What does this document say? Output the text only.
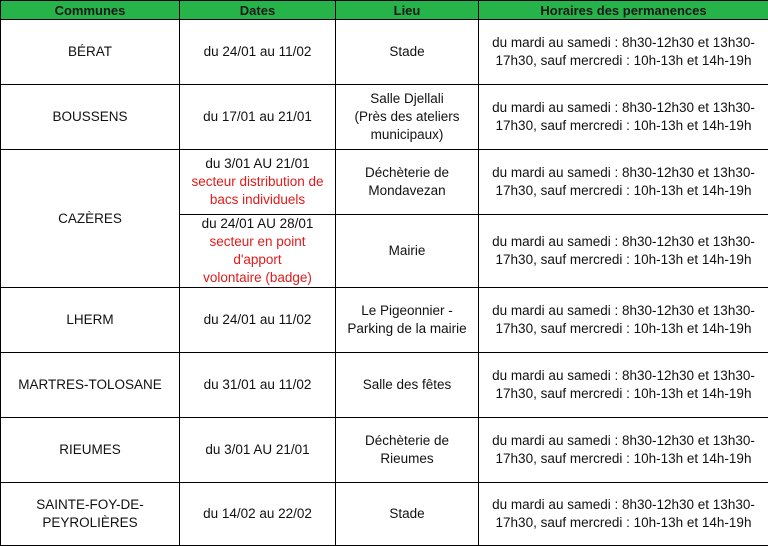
Communes	Dates	Lieu	Horaires des permanences
BÉRAT	du 24/01 au 11/02	Stade	du mardi au samedi : 8h30-12h30 et 13h30-
17h30, sauf mercredi : 10h-13h et 14h-19h

BOUSSENS	du 17/01 au 21/01	Salle Djellali
(Près des ateliers
municipaux)	du mardi au samedi : 8h30-12h30 et 13h30-
17h30, sauf mercredi : 10h-13h et 14h-19h

CAZÈRES	du 3/01 AU 21/01
secteur distribution de
bacs individuels	Déchèterie de
Mondavezan	du mardi au samedi : 8h30-12h30 et 13h30-
17h30, sauf mercredi : 10h-13h et 14h-19h

	du 24/01 AU 28/01
secteur en point d'apport
volontaire (badge)	Mairie	du mardi au samedi : 8h30-12h30 et 13h30-
17h30, sauf mercredi : 10h-13h et 14h-19h

LHERM	du 24/01 au 11/02	Le Pigeonnier -
Parking de la mairie	du mardi au samedi : 8h30-12h30 et 13h30-
17h30, sauf mercredi : 10h-13h et 14h-19h

MARTRES-TOLOSANE	du 31/01 au 11/02	Salle des fêtes	du mardi au samedi : 8h30-12h30 et 13h30-
17h30, sauf mercredi : 10h-13h et 14h-19h

RIEUMES	du 3/01 AU 21/01	Déchèterie de
Rieumes	du mardi au samedi : 8h30-12h30 et 13h30-
17h30, sauf mercredi : 10h-13h et 14h-19h

SAINTE-FOY-DE-PEYROLIÈRES	du 14/02 au 22/02	Stade	du mardi au samedi : 8h30-12h30 et 13h30-
17h30, sauf mercredi : 10h-13h et 14h-19h
